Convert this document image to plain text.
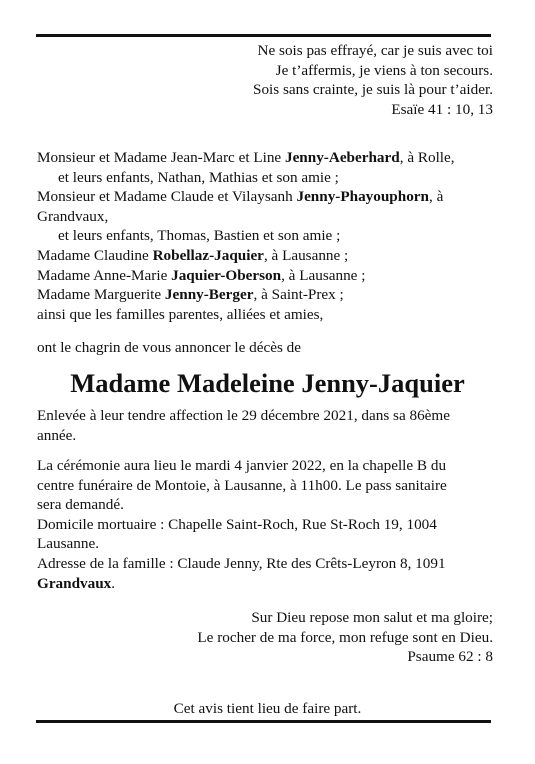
Ne sois pas effrayé, car je suis avec toi
Je t’affermis, je viens à ton secours.
Sois sans crainte, je suis là pour t’aider.
Esaïe 41 : 10, 13
Monsieur et Madame Jean-Marc et Line Jenny-Aeberhard, à Rolle,
et leurs enfants, Nathan, Mathias et son amie ;
Monsieur et Madame Claude et Vilaysanh Jenny-Phayouphorn, à
Grandvaux,
et leurs enfants, Thomas, Bastien et son amie ;
Madame Claudine Robellaz-Jaquier, à Lausanne ;
Madame Anne-Marie Jaquier-Oberson, à Lausanne ;
Madame Marguerite Jenny-Berger, à Saint-Prex ;
ainsi que les familles parentes, alliées et amies,
ont le chagrin de vous annoncer le décès de
Madame Madeleine Jenny-Jaquier
Enlevée à leur tendre affection le 29 décembre 2021, dans sa 86ème
année.
La cérémonie aura lieu le mardi 4 janvier 2022, en la chapelle B du
centre funéraire de Montoie, à Lausanne, à 11h00. Le pass sanitaire
sera demandé.
Domicile mortuaire : Chapelle Saint-Roch, Rue St-Roch 19, 1004
Lausanne.
Adresse de la famille : Claude Jenny, Rte des Crêts-Leyron 8, 1091
Grandvaux.
Sur Dieu repose mon salut et ma gloire;
Le rocher de ma force, mon refuge sont en Dieu.
Psaume 62 : 8
Cet avis tient lieu de faire part.
